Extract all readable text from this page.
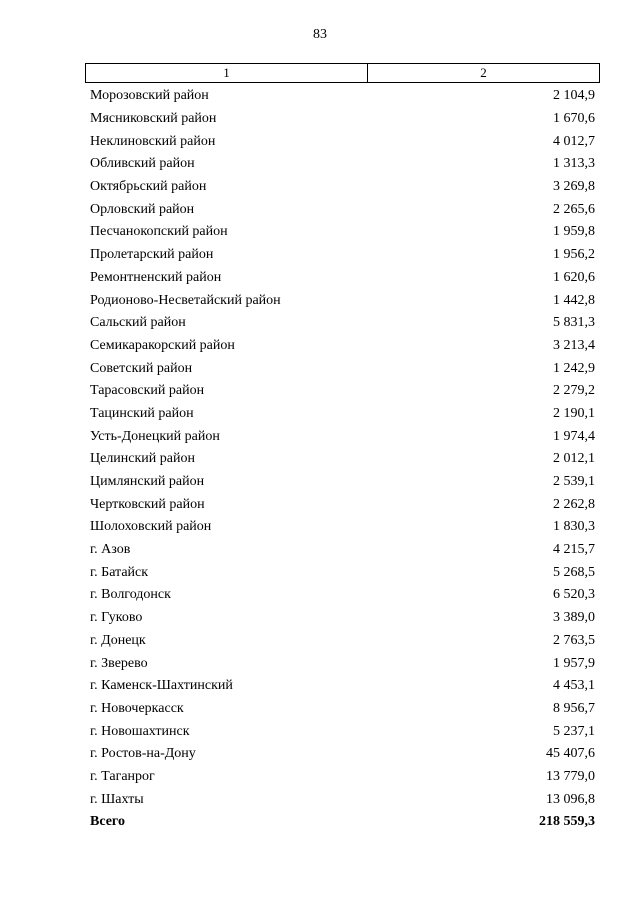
83
1	2
Морозовский район	2 104,9
Мясниковский район	1 670,6
Неклиновский район	4 012,7
Обливский район	1 313,3
Октябрьский район	3 269,8
Орловский район	2 265,6
Песчанокопский район	1 959,8
Пролетарский район	1 956,2
Ремонтненский район	1 620,6
Родионово-Несветайский район	1 442,8
Сальский район	5 831,3
Семикаракорский район	3 213,4
Советский район	1 242,9
Тарасовский район	2 279,2
Тацинский район	2 190,1
Усть-Донецкий район	1 974,4
Целинский район	2 012,1
Цимлянский район	2 539,1
Чертковский район	2 262,8
Шолоховский район	1 830,3
г. Азов	4 215,7
г. Батайск	5 268,5
г. Волгодонск	6 520,3
г. Гуково	3 389,0
г. Донецк	2 763,5
г. Зверево	1 957,9
г. Каменск-Шахтинский	4 453,1
г. Новочеркасск	8 956,7
г. Новошахтинск	5 237,1
г. Ростов-на-Дону	45 407,6
г. Таганрог	13 779,0
г. Шахты	13 096,8
Всего	218 559,3
